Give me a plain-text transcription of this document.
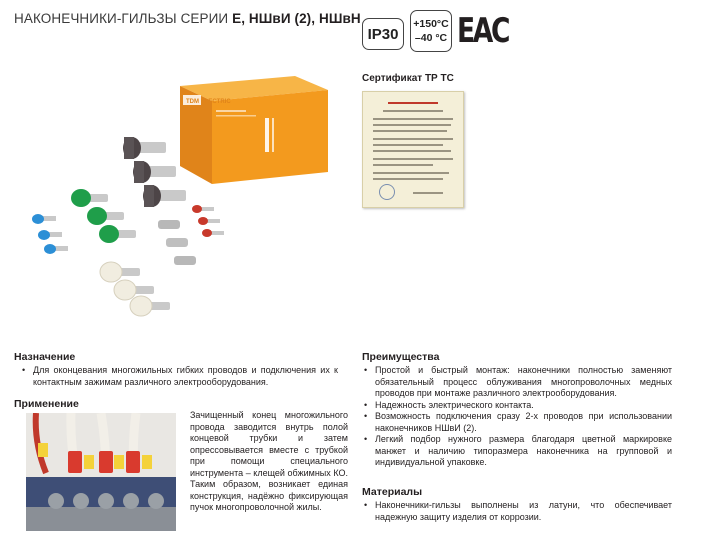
НАКОНЕЧНИКИ-ГИЛЬЗЫ СЕРИИ Е, НШвИ (2), НШвН
IP30
+150°C
–40 °C EAC
TDM ELECTRIC
Сертификат ТР ТС
Назначение
• Для оконцевания многожильных гибких проводов и подключения их к контактным зажимам различного электрооборудования.
Применение
Зачищенный конец многожильного провода заводится внутрь полой концевой трубки и затем опрессовывается вместе с трубкой при помощи специального инструмента – клещей обжимных КО. Таким образом, возникает единая конструкция, надёжно фиксирующая пучок многопроволочной жилы.
Преимущества
• Простой и быстрый монтаж: наконечники полностью заменяют обязательный процесс облуживания многопроволочных медных проводов при монтаже различного электрооборудования.
• Надежность электрического контакта.
• Возможность подключения сразу 2-х проводов при использовании наконечников НШвИ (2).
• Легкий подбор нужного размера благодаря цветной маркировке манжет и наличию типоразмера наконечника на групповой и индивидуальной упаковке.
Материалы
• Наконечники-гильзы выполнены из латуни, что обеспечивает надежную защиту изделия от коррозии.
